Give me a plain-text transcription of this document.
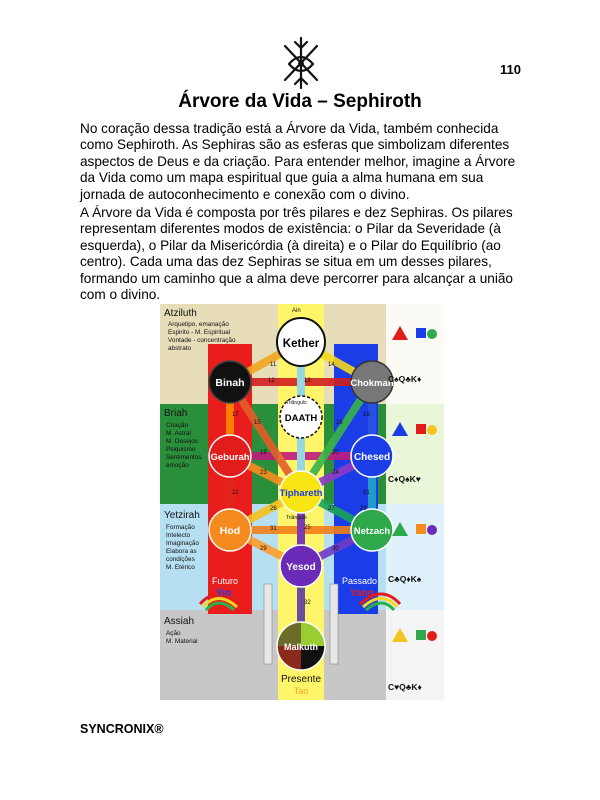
110
Árvore da Vida – Sephiroth

No coração dessa tradição está a Árvore da Vida, também conhecida como Sephiroth. As Sephiras são as esferas que simbolizam diferentes aspectos de Deus e da criação. Para entender melhor, imagine a Árvore da Vida como um mapa espiritual que guia a alma humana em sua jornada de autoconhecimento e conexão com o divino.

A Árvore da Vida é composta por três pilares e dez Sephiras. Os pilares representam diferentes modos de existência: o Pilar da Severidade (à esquerda), o Pilar da Misericórdia (à direita) e o Pilar do Equilíbrio (ao centro). Cada uma das dez Sephiras se situa em um desses pilares, formando um caminho que a alma deve percorrer para alcançar a união com o divino.

Kether
Binah	Chokmah
DAATH
Geburah	Chesed
Tiphareth
Hod	Netzach
Yesod
Malkuth
11
12	13
14
15	16
17	18
19	20
21
22
23	24
25
26	27	28
29	30
31
32
Triângulo
Triângulo
Ain
Atziluth
Arquetipo, emanação
Espirito - M. Espiritual
Vontade - concentração
abstrato
Briah
Criação
M. Astral
M. Desejos
Psiquismo
Sentimentos
emoção
Yetzirah
Formação
Intelecto
Imaginação
Elabora as
condições
M. Etérico
Assiah
Ação
M. Material
Futuro
Yin
Passado
Yang
Presente
Tao
C♠Q♣K♦
C♦Q♠K♥
C♣Q♦K♠
C♥Q♣K♦
SYNCRONIX®
